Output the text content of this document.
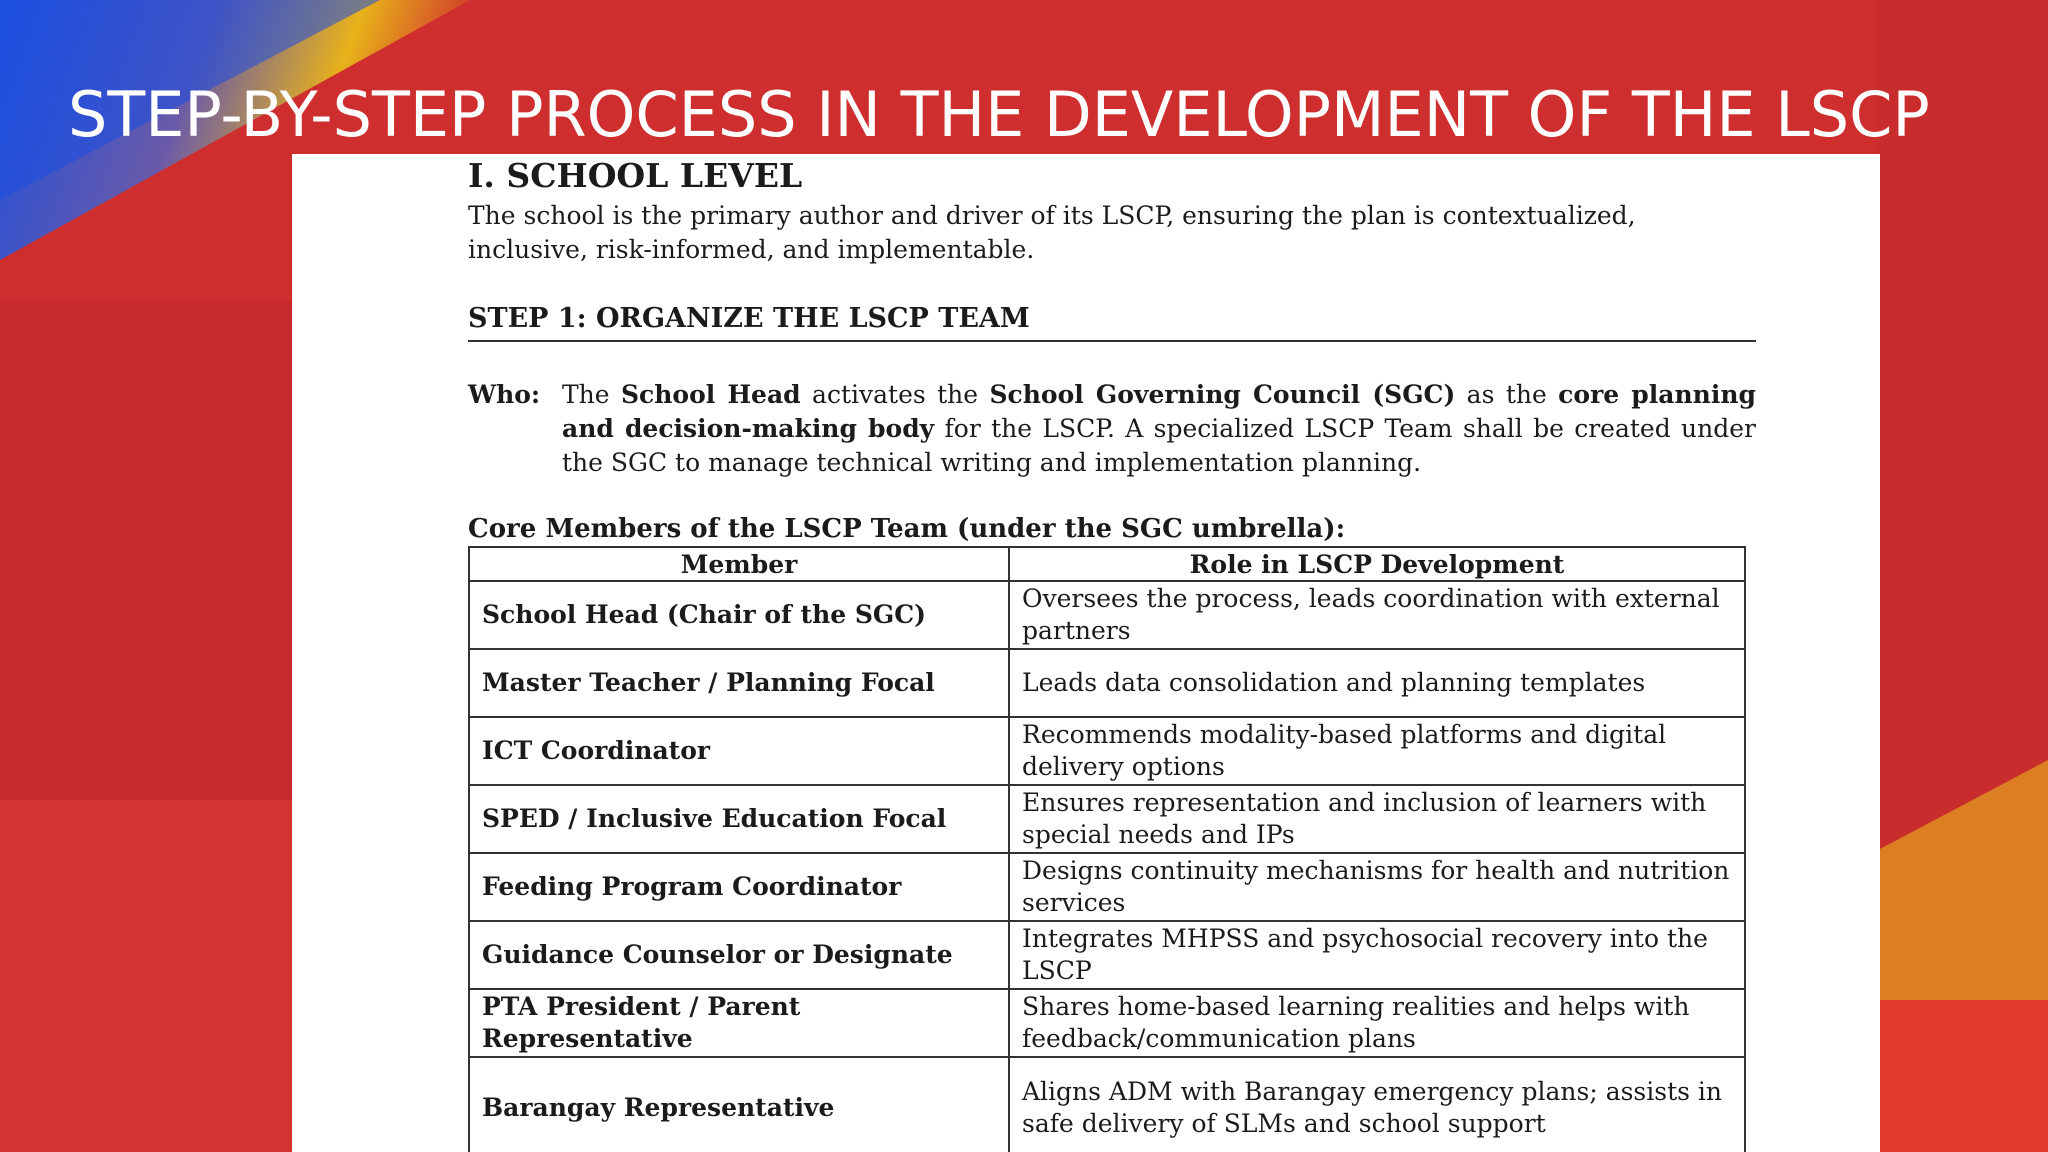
STEP-BY-STEP PROCESS IN THE DEVELOPMENT OF THE LSCP
I. SCHOOL LEVEL
The school is the primary author and driver of its LSCP, ensuring the plan is contextualized, inclusive, risk-informed, and implementable.
STEP 1: ORGANIZE THE LSCP TEAM
Who: The School Head activates the School Governing Council (SGC) as the core planning and decision-making body for the LSCP. A specialized LSCP Team shall be created under the SGC to manage technical writing and implementation planning.
Core Members of the LSCP Team (under the SGC umbrella):
Member	Role in LSCP Development
School Head (Chair of the SGC)	Oversees the process, leads coordination with external partners
Master Teacher / Planning Focal	Leads data consolidation and planning templates
ICT Coordinator	Recommends modality-based platforms and digital delivery options
SPED / Inclusive Education Focal	Ensures representation and inclusion of learners with special needs and IPs
Feeding Program Coordinator	Designs continuity mechanisms for health and nutrition services
Guidance Counselor or Designate	Integrates MHPSS and psychosocial recovery into the LSCP
PTA President / Parent Representative	Shares home-based learning realities and helps with feedback/communication plans
Barangay Representative	Aligns ADM with Barangay emergency plans; assists in safe delivery of SLMs and school support
